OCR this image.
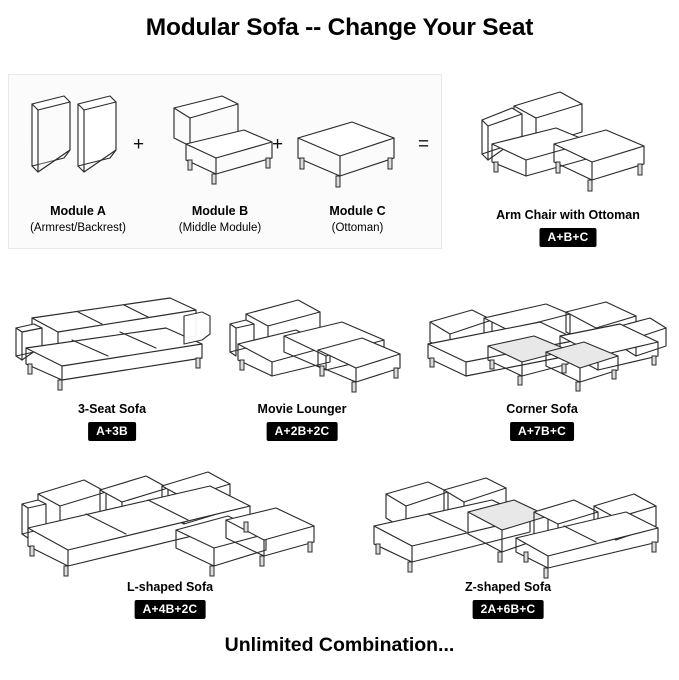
Modular Sofa -- Change Your Seat
Module A
(Armrest/Backrest)
+
Module B
(Middle Module)
+
Module C
(Ottoman)
=
Arm Chair with Ottoman
A+B+C
3-Seat Sofa
A+3B
Movie Lounger
A+2B+2C
Corner Sofa
A+7B+C
L-shaped Sofa
A+4B+2C
Z-shaped Sofa
2A+6B+C
Unlimited Combination...
